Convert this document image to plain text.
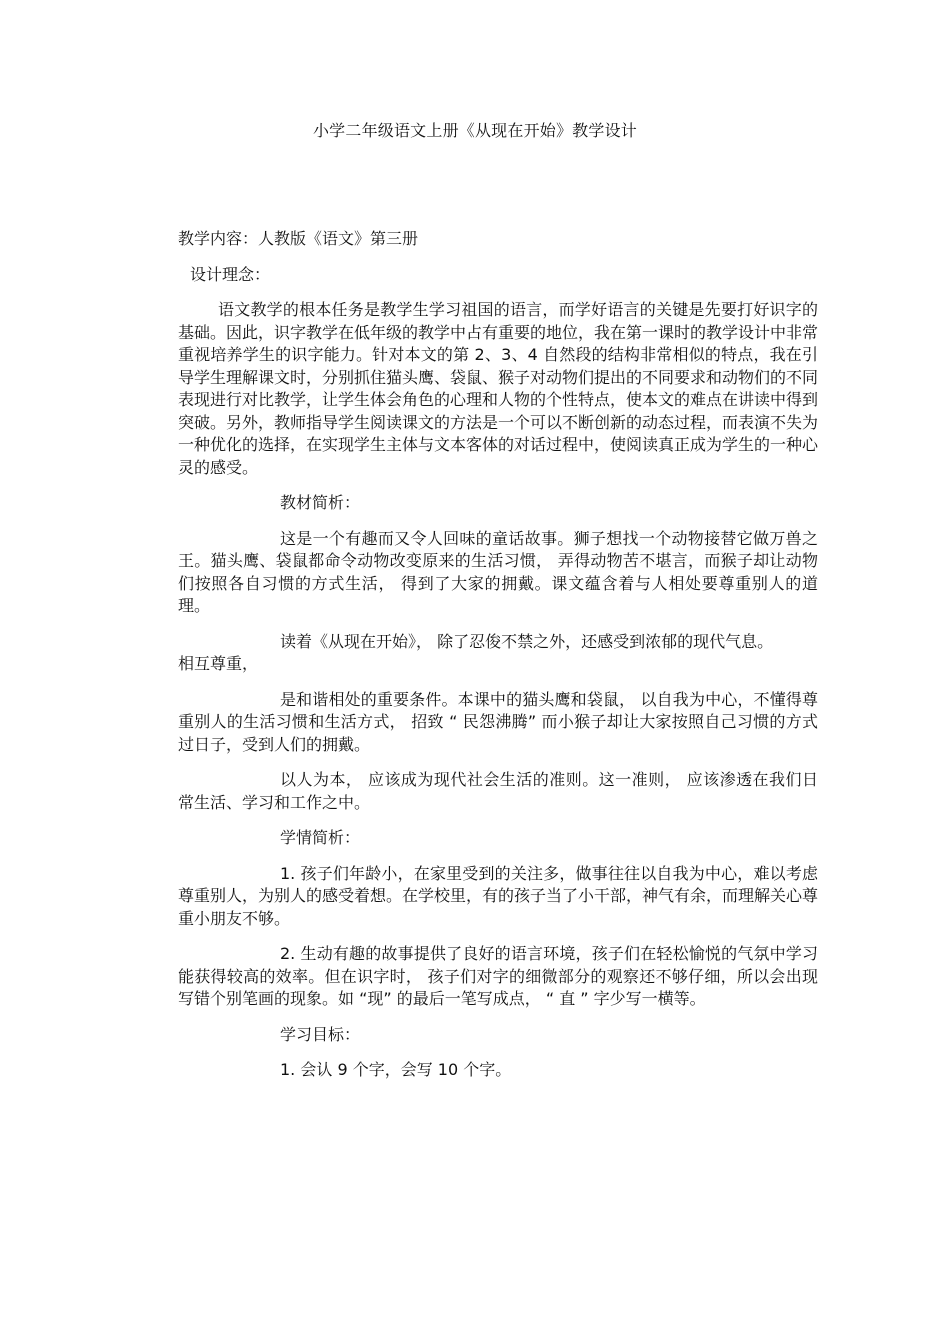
小学二年级语文上册《从现在开始》教学设计

教学内容：人教版《语文》第三册

设计理念：

语文教学的根本任务是教学生学习祖国的语言，而学好语言的关键是先要打好识字的基础。因此，识字教学在低年级的教学中占有重要的地位，我在第一课时的教学设计中非常重视培养学生的识字能力。针对本文的第 2、3、4 自然段的结构非常相似的特点，我在引导学生理解课文时，分别抓住猫头鹰、袋鼠、猴子对动物们提出的不同要求和动物们的不同表现进行对比教学，让学生体会角色的心理和人物的个性特点，使本文的难点在讲读中得到突破。另外，教师指导学生阅读课文的方法是一个可以不断创新的动态过程，而表演不失为一种优化的选择，在实现学生主体与文本客体的对话过程中，使阅读真正成为学生的一种心灵的感受。

教材简析：

这是一个有趣而又令人回味的童话故事。狮子想找一个动物接替它做万兽之王。猫头鹰、袋鼠都命令动物改变原来的生活习惯， 弄得动物苦不堪言，而猴子却让动物们按照各自习惯的方式生活， 得到了大家的拥戴。课文蕴含着与人相处要尊重别人的道理。

读着《从现在开始》， 除了忍俊不禁之外，还感受到浓郁的现代气息。

相互尊重，

是和谐相处的重要条件。本课中的猫头鹰和袋鼠， 以自我为中心，不懂得尊重别人的生活习惯和生活方式， 招致 “ 民怨沸腾” 而小猴子却让大家按照自己习惯的方式过日子，受到人们的拥戴。

以人为本， 应该成为现代社会生活的准则。这一准则， 应该渗透在我们日常生活、学习和工作之中。

学情简析：

1. 孩子们年龄小，在家里受到的关注多，做事往往以自我为中心，难以考虑尊重别人，为别人的感受着想。在学校里，有的孩子当了小干部，神气有余，而理解关心尊重小朋友不够。

2. 生动有趣的故事提供了良好的语言环境，孩子们在轻松愉悦的气氛中学习能获得较高的效率。但在识字时， 孩子们对字的细微部分的观察还不够仔细，所以会出现写错个别笔画的现象。如 “现” 的最后一笔写成点， “ 直 ” 字少写一横等。

学习目标：

1. 会认 9 个字，会写 10 个字。
